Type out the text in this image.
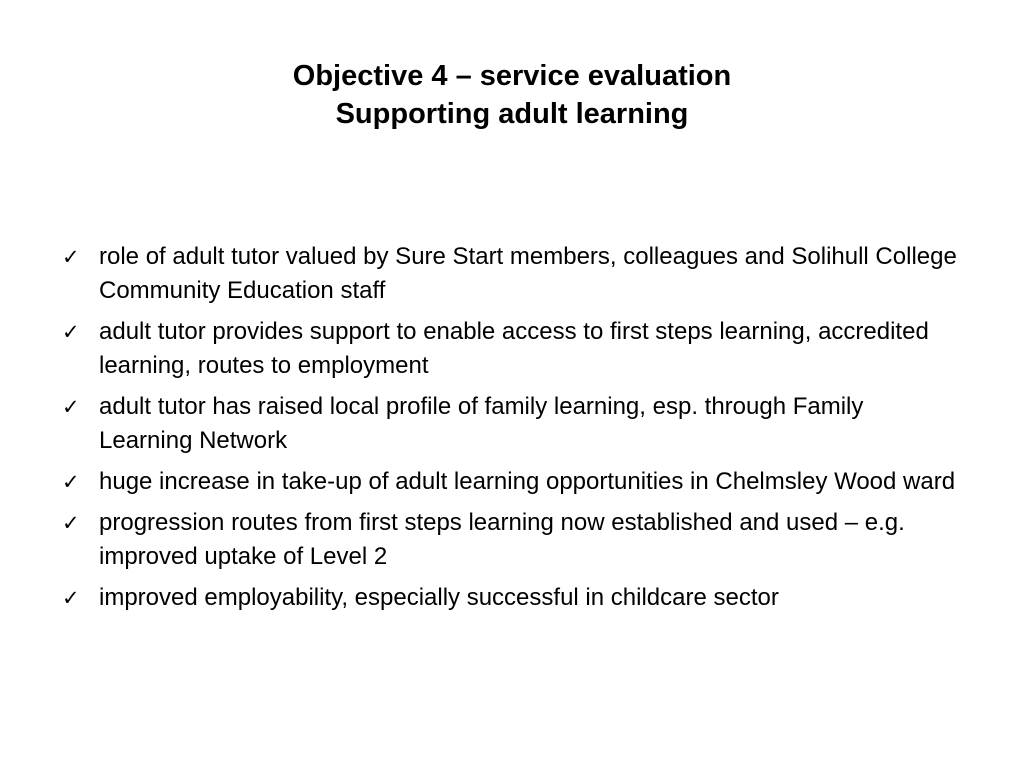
Objective 4 – service evaluation
Supporting adult learning
✓ role of adult tutor valued by Sure Start members, colleagues and Solihull College Community Education staff
✓ adult tutor provides support to enable access to first steps learning, accredited learning, routes to employment
✓ adult tutor has raised local profile of family learning, esp. through Family Learning Network
✓ huge increase in take-up of adult learning opportunities in Chelmsley Wood ward
✓ progression routes from first steps learning now established and used – e.g. improved uptake of Level 2
✓ improved employability, especially successful in childcare sector
